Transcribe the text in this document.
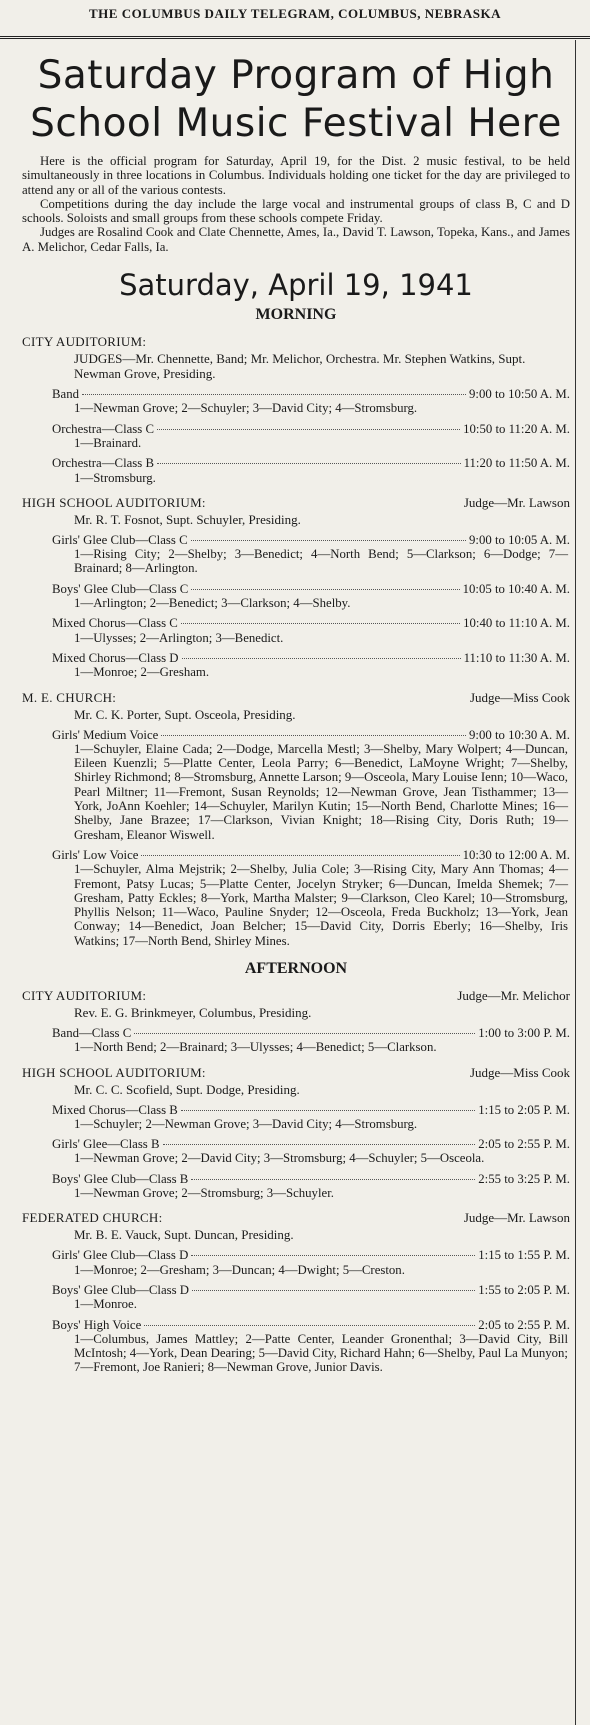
THE COLUMBUS DAILY TELEGRAM, COLUMBUS, NEBRASKA
Saturday Program of High School Music Festival Here

Here is the official program for Saturday, April 19, for the Dist. 2 music festival, to be held simultaneously in three locations in Columbus. Individuals holding one ticket for the day are privileged to attend any or all of the various contests.

Competitions during the day include the large vocal and instrumental groups of class B, C and D schools. Soloists and small groups from these schools compete Friday.

Judges are Rosalind Cook and Clate Chennette, Ames, Ia., David T. Lawson, Topeka, Kans., and James A. Melichor, Cedar Falls, Ia.

Saturday, April 19, 1941
MORNING
CITY AUDITORIUM:
JUDGES—Mr. Chennette, Band; Mr. Melichor, Orchestra. Mr. Stephen Watkins, Supt. Newman Grove, Presiding.
Band	9:00 to 10:50 A. M.
1—Newman Grove; 2—Schuyler; 3—David City; 4—Stromsburg.
Orchestra—Class C	10:50 to 11:20 A. M.
1—Brainard.
Orchestra—Class B	11:20 to 11:50 A. M.
1—Stromsburg.
HIGH SCHOOL AUDITORIUM:	Judge—Mr. Lawson
Mr. R. T. Fosnot, Supt. Schuyler, Presiding.
Girls' Glee Club—Class C	9:00 to 10:05 A. M.
1—Rising City; 2—Shelby; 3—Benedict; 4—North Bend; 5—Clarkson; 6—Dodge; 7—Brainard; 8—Arlington.
Boys' Glee Club—Class C	10:05 to 10:40 A. M.
1—Arlington; 2—Benedict; 3—Clarkson; 4—Shelby.
Mixed Chorus—Class C	10:40 to 11:10 A. M.
1—Ulysses; 2—Arlington; 3—Benedict.
Mixed Chorus—Class D	11:10 to 11:30 A. M.
1—Monroe; 2—Gresham.
M. E. CHURCH:	Judge—Miss Cook
Mr. C. K. Porter, Supt. Osceola, Presiding.
Girls' Medium Voice	9:00 to 10:30 A. M.
1—Schuyler, Elaine Cada; 2—Dodge, Marcella Mestl; 3—Shelby, Mary Wolpert; 4—Duncan, Eileen Kuenzli; 5—Platte Center, Leola Parry; 6—Benedict, LaMoyne Wright; 7—Shelby, Shirley Richmond; 8—Stromsburg, Annette Larson; 9—Osceola, Mary Louise Ienn; 10—Waco, Pearl Miltner; 11—Fremont, Susan Reynolds; 12—Newman Grove, Jean Tisthammer; 13—York, JoAnn Koehler; 14—Schuyler, Marilyn Kutin; 15—North Bend, Charlotte Mines; 16—Shelby, Jane Brazee; 17—Clarkson, Vivian Knight; 18—Rising City, Doris Ruth; 19—Gresham, Eleanor Wiswell.
Girls' Low Voice	10:30 to 12:00 A. M.
1—Schuyler, Alma Mejstrik; 2—Shelby, Julia Cole; 3—Rising City, Mary Ann Thomas; 4—Fremont, Patsy Lucas; 5—Platte Center, Jocelyn Stryker; 6—Duncan, Imelda Shemek; 7—Gresham, Patty Eckles; 8—York, Martha Malster; 9—Clarkson, Cleo Karel; 10—Stromsburg, Phyllis Nelson; 11—Waco, Pauline Snyder; 12—Osceola, Freda Buckholz; 13—York, Jean Conway; 14—Benedict, Joan Belcher; 15—David City, Dorris Eberly; 16—Shelby, Iris Watkins; 17—North Bend, Shirley Mines.
AFTERNOON
CITY AUDITORIUM:	Judge—Mr. Melichor
Rev. E. G. Brinkmeyer, Columbus, Presiding.
Band—Class C	1:00 to 3:00 P. M.
1—North Bend; 2—Brainard; 3—Ulysses; 4—Benedict; 5—Clarkson.
HIGH SCHOOL AUDITORIUM:	Judge—Miss Cook
Mr. C. C. Scofield, Supt. Dodge, Presiding.
Mixed Chorus—Class B	1:15 to 2:05 P. M.
1—Schuyler; 2—Newman Grove; 3—David City; 4—Stromsburg.
Girls' Glee—Class B	2:05 to 2:55 P. M.
1—Newman Grove; 2—David City; 3—Stromsburg; 4—Schuyler; 5—Osceola.
Boys' Glee Club—Class B	2:55 to 3:25 P. M.
1—Newman Grove; 2—Stromsburg; 3—Schuyler.
FEDERATED CHURCH:	Judge—Mr. Lawson
Mr. B. E. Vauck, Supt. Duncan, Presiding.
Girls' Glee Club—Class D	1:15 to 1:55 P. M.
1—Monroe; 2—Gresham; 3—Duncan; 4—Dwight; 5—Creston.
Boys' Glee Club—Class D	1:55 to 2:05 P. M.
1—Monroe.
Boys' High Voice	2:05 to 2:55 P. M.
1—Columbus, James Mattley; 2—Patte Center, Leander Gronenthal; 3—David City, Bill McIntosh; 4—York, Dean Dearing; 5—David City, Richard Hahn; 6—Shelby, Paul La Munyon; 7—Fremont, Joe Ranieri; 8—Newman Grove, Junior Davis.
